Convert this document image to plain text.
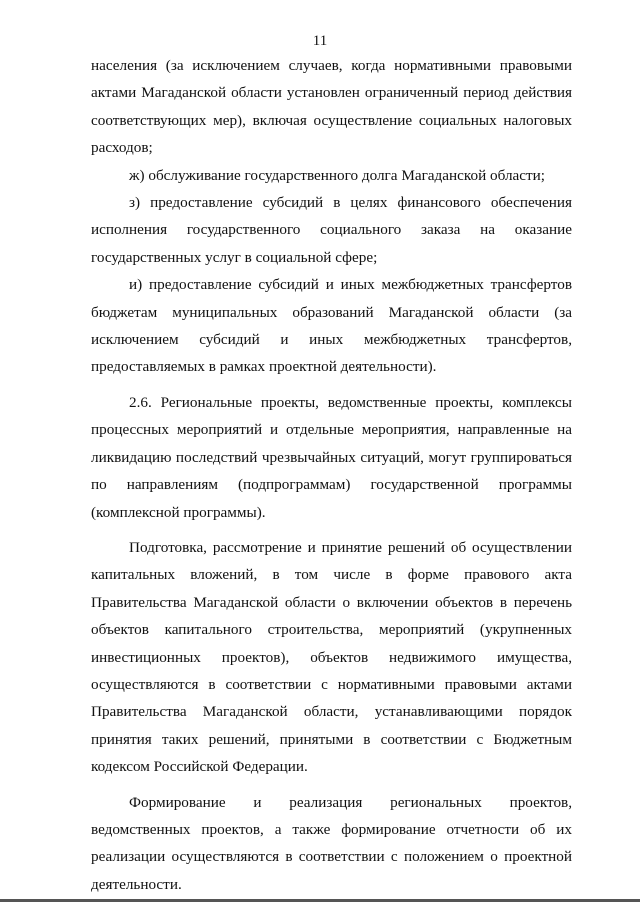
11

населения (за исключением случаев, когда нормативными правовыми актами Магаданской области установлен ограниченный период действия соответствующих мер), включая осуществление социальных налоговых расходов;

ж) обслуживание государственного долга Магаданской области;

з) предоставление субсидий в целях финансового обеспечения исполнения государственного социального заказа на оказание государственных услуг в социальной сфере;

и) предоставление субсидий и иных межбюджетных трансфертов бюджетам муниципальных образований Магаданской области (за исключением субсидий и иных межбюджетных трансфертов, предоставляемых в рамках проектной деятельности).

2.6. Региональные проекты, ведомственные проекты, комплексы процессных мероприятий и отдельные мероприятия, направленные на ликвидацию последствий чрезвычайных ситуаций, могут группироваться по направлениям (подпрограммам) государственной программы (комплексной программы).

Подготовка, рассмотрение и принятие решений об осуществлении капитальных вложений, в том числе в форме правового акта Правительства Магаданской области о включении объектов в перечень объектов капитального строительства, мероприятий (укрупненных инвестиционных проектов), объектов недвижимого имущества, осуществляются в соответствии с нормативными правовыми актами Правительства Магаданской области, устанавливающими порядок принятия таких решений, принятыми в соответствии с Бюджетным кодексом Российской Федерации.

Формирование и реализация региональных проектов, ведомственных проектов, а также формирование отчетности об их реализации осуществляются в соответствии с положением о проектной деятельности.
